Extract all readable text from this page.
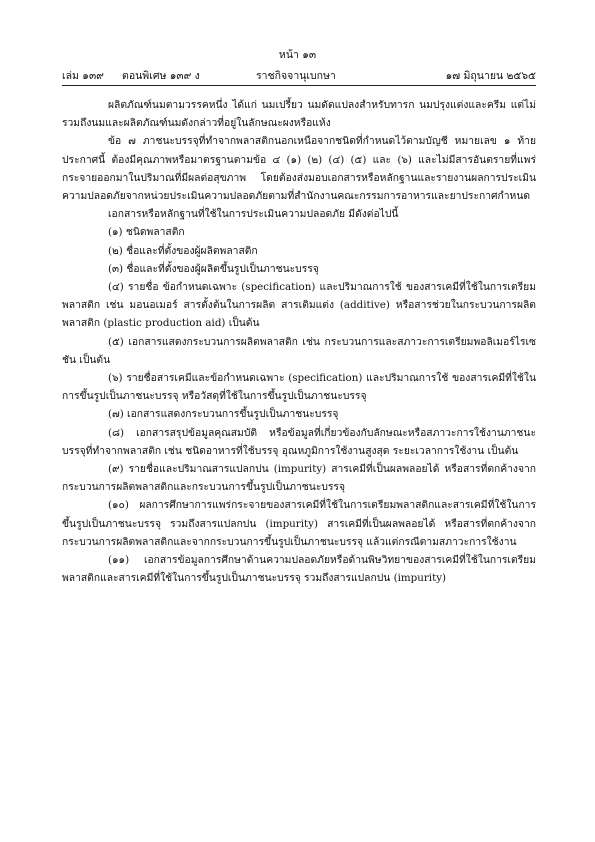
หน้า ๑๓
เล่ม ๑๓๙ ตอนพิเศษ ๑๓๙ ง	ราชกิจจานุเบกษา	๑๗ มิถุนายน ๒๕๖๕

ผลิตภัณฑ์นมตามวรรคหนึ่ง ได้แก่ นมเปรี้ยว นมดัดแปลงสำหรับทารก นมปรุงแต่งและครีม แต่ไม่รวมถึงนมและผลิตภัณฑ์นมดังกล่าวที่อยู่ในลักษณะผงหรือแห้ง

ข้อ ๗ ภาชนะบรรจุที่ทำจากพลาสติกนอกเหนือจากชนิดที่กำหนดไว้ตามบัญชี หมายเลข ๑ ท้ายประกาศนี้ ต้องมีคุณภาพหรือมาตรฐานตามข้อ ๔ (๑) (๒) (๔) (๕) และ (๖) และไม่มีสารอันตรายที่แพร่กระจายออกมาในปริมาณที่มีผลต่อสุขภาพ โดยต้องส่งมอบเอกสารหรือหลักฐานและรายงานผลการประเมินความปลอดภัยจากหน่วยประเมินความปลอดภัยตามที่สำนักงานคณะกรรมการอาหารและยาประกาศกำหนด

เอกสารหรือหลักฐานที่ใช้ในการประเมินความปลอดภัย มีดังต่อไปนี้

(๑) ชนิดพลาสติก

(๒) ชื่อและที่ตั้งของผู้ผลิตพลาสติก

(๓) ชื่อและที่ตั้งของผู้ผลิตขึ้นรูปเป็นภาชนะบรรจุ

(๔) รายชื่อ ข้อกำหนดเฉพาะ (specification) และปริมาณการใช้ ของสารเคมีที่ใช้ในการเตรียมพลาสติก เช่น มอนอเมอร์ สารตั้งต้นในการผลิต สารเติมแต่ง (additive) หรือสารช่วยในกระบวนการผลิตพลาสติก (plastic production aid) เป็นต้น

(๕) เอกสารแสดงกระบวนการผลิตพลาสติก เช่น กระบวนการและสภาวะการเตรียมพอลิเมอร์ไรเซชัน เป็นต้น

(๖) รายชื่อสารเคมีและข้อกำหนดเฉพาะ (specification) และปริมาณการใช้ ของสารเคมีที่ใช้ในการขึ้นรูปเป็นภาชนะบรรจุ หรือวัสดุที่ใช้ในการขึ้นรูปเป็นภาชนะบรรจุ

(๗) เอกสารแสดงกระบวนการขึ้นรูปเป็นภาชนะบรรจุ

(๘) เอกสารสรุปข้อมูลคุณสมบัติ หรือข้อมูลที่เกี่ยวข้องกับลักษณะหรือสภาวะการใช้งานภาชนะบรรจุที่ทำจากพลาสติก เช่น ชนิดอาหารที่ใช้บรรจุ อุณหภูมิการใช้งานสูงสุด ระยะเวลาการใช้งาน เป็นต้น

(๙) รายชื่อและปริมาณสารแปลกปน (impurity) สารเคมีที่เป็นผลพลอยได้ หรือสารที่ตกค้างจากกระบวนการผลิตพลาสติกและกระบวนการขึ้นรูปเป็นภาชนะบรรจุ

(๑๐) ผลการศึกษาการแพร่กระจายของสารเคมีที่ใช้ในการเตรียมพลาสติกและสารเคมีที่ใช้ในการขึ้นรูปเป็นภาชนะบรรจุ รวมถึงสารแปลกปน (impurity) สารเคมีที่เป็นผลพลอยได้ หรือสารที่ตกค้างจากกระบวนการผลิตพลาสติกและจากกระบวนการขึ้นรูปเป็นภาชนะบรรจุ แล้วแต่กรณีตามสภาวะการใช้งาน

(๑๑) เอกสารข้อมูลการศึกษาด้านความปลอดภัยหรือด้านพิษวิทยาของสารเคมีที่ใช้ในการเตรียมพลาสติกและสารเคมีที่ใช้ในการขึ้นรูปเป็นภาชนะบรรจุ รวมถึงสารแปลกปน (impurity)
